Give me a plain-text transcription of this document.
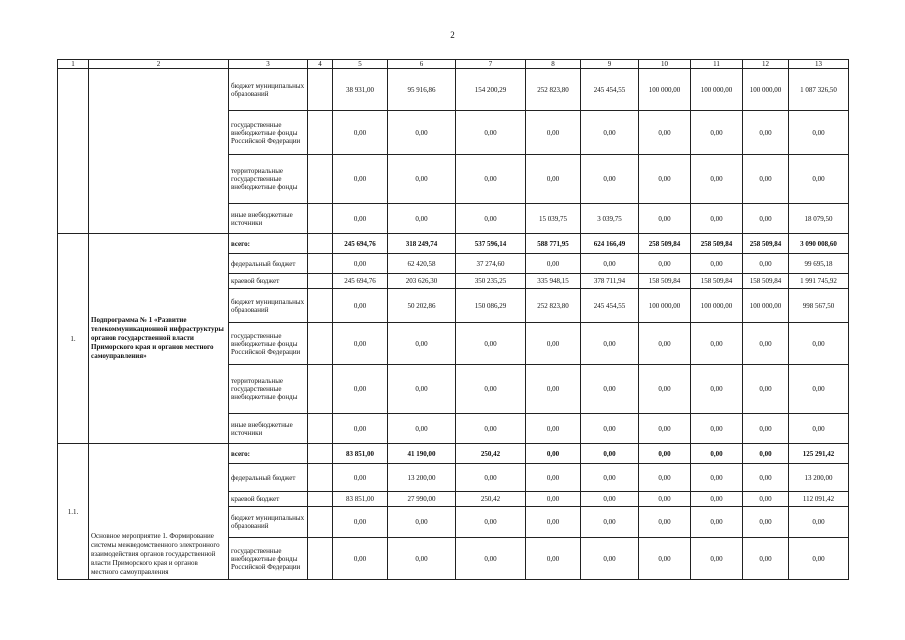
2
1	2	3	4	5	6	7	8	9	10	11	12	13
		бюджет муниципальных образований		38 931,00	95 916,86	154 200,29	252 823,80	245 454,55	100 000,00	100 000,00	100 000,00	1 087 326,50
		государственные внебюджетные фонды Российской Федерации		0,00	0,00	0,00	0,00	0,00	0,00	0,00	0,00	0,00
		территориальные государственные внебюджетные фонды		0,00	0,00	0,00	0,00	0,00	0,00	0,00	0,00	0,00
		иные внебюджетные источники		0,00	0,00	0,00	15 039,75	3 039,75	0,00	0,00	0,00	18 079,50
1.	Подпрограмма № 1 «Развитие телекоммуникационной инфраструктуры органов государственной власти Приморского края и органов местного самоуправления»	всего:		245 694,76	318 249,74	537 596,14	588 771,95	624 166,49	258 509,84	258 509,84	258 509,84	3 090 008,60
		федеральный бюджет		0,00	62 420,58	37 274,60	0,00	0,00	0,00	0,00	0,00	99 695,18
		краевой бюджет		245 694,76	203 626,30	350 235,25	335 948,15	378 711,94	158 509,84	158 509,84	158 509,84	1 991 745,92
		бюджет муниципальных образований		0,00	50 202,86	150 086,29	252 823,80	245 454,55	100 000,00	100 000,00	100 000,00	998 567,50
		государственные внебюджетные фонды Российской Федерации		0,00	0,00	0,00	0,00	0,00	0,00	0,00	0,00	0,00
		территориальные государственные внебюджетные фонды		0,00	0,00	0,00	0,00	0,00	0,00	0,00	0,00	0,00
		иные внебюджетные источники		0,00	0,00	0,00	0,00	0,00	0,00	0,00	0,00	0,00
1.1.	Основное мероприятие 1. Формирование системы межведомственного электронного взаимодействия органов государственной власти Приморского края и органов местного самоуправления	всего:		83 851,00	41 190,00	250,42	0,00	0,00	0,00	0,00	0,00	125 291,42
		федеральный бюджет		0,00	13 200,00	0,00	0,00	0,00	0,00	0,00	0,00	13 200,00
		краевой бюджет		83 851,00	27 990,00	250,42	0,00	0,00	0,00	0,00	0,00	112 091,42
		бюджет муниципальных образований		0,00	0,00	0,00	0,00	0,00	0,00	0,00	0,00	0,00
		государственные внебюджетные фонды Российской Федерации		0,00	0,00	0,00	0,00	0,00	0,00	0,00	0,00	0,00
